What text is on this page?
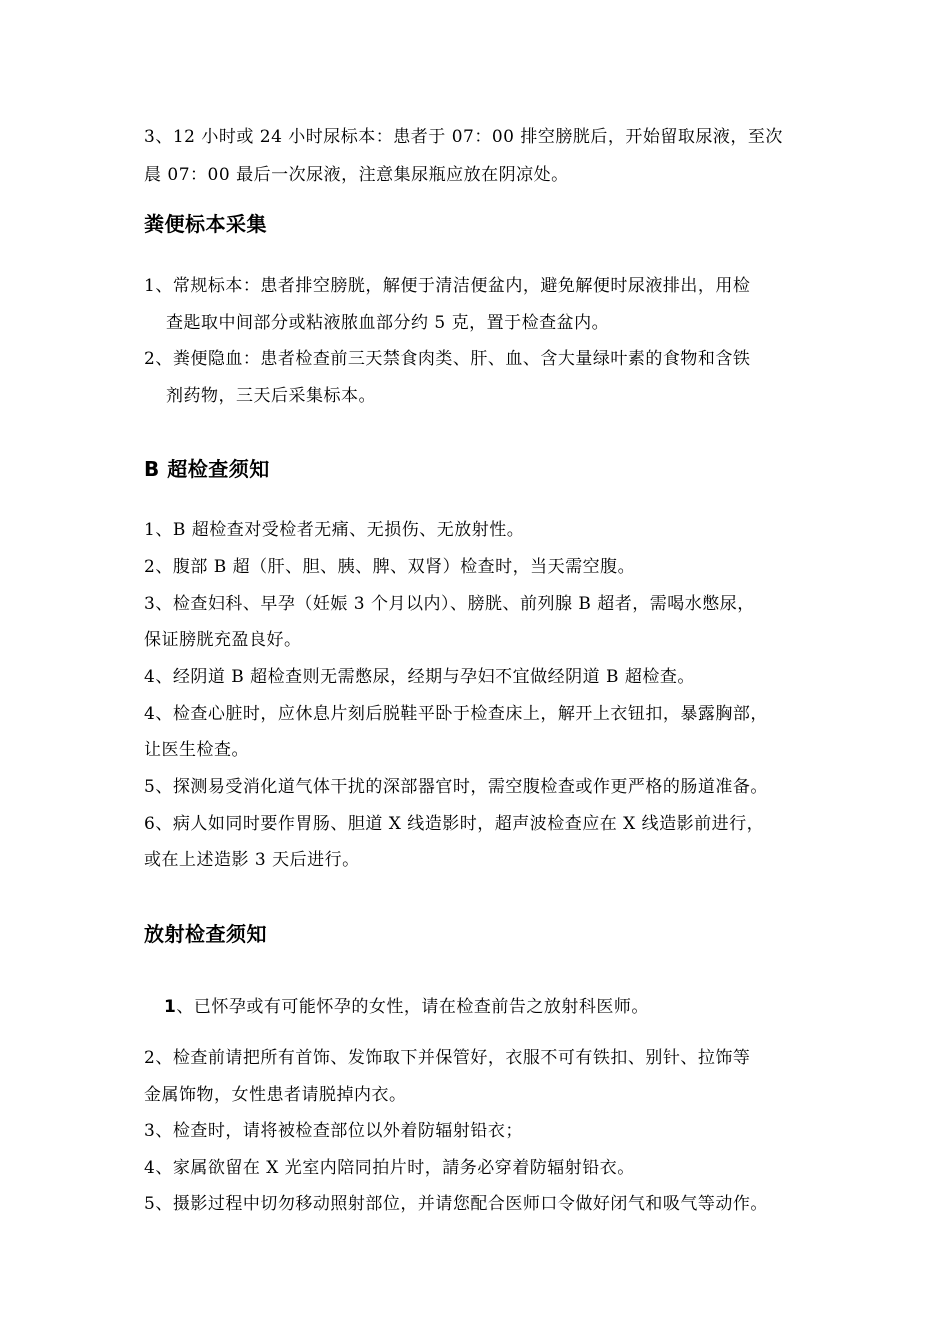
3、12 小时或 24 小时尿标本：患者于 07：00 排空膀胱后，开始留取尿液，至次
晨 07：00 最后一次尿液，注意集尿瓶应放在阴凉处。
粪便标本采集
1、常规标本：患者排空膀胱，解便于清洁便盆内，避免解便时尿液排出，用检
查匙取中间部分或粘液脓血部分约 5 克，置于检查盆内。
2、粪便隐血：患者检查前三天禁食肉类、肝、血、含大量绿叶素的食物和含铁
剂药物，三天后采集标本。
B 超检查须知
1、B 超检查对受检者无痛、无损伤、无放射性。
2、腹部 B 超（肝、胆、胰、脾、双肾）检查时，当天需空腹。
3、检查妇科、早孕（妊娠 3 个月以内）、膀胱、前列腺 B 超者，需喝水憋尿，
保证膀胱充盈良好。
4、经阴道 B 超检查则无需憋尿，经期与孕妇不宜做经阴道 B 超检查。
4、检查心脏时，应休息片刻后脱鞋平卧于检查床上，解开上衣钮扣，暴露胸部，
让医生检查。
5、探测易受消化道气体干扰的深部器官时，需空腹检查或作更严格的肠道准备。
6、病人如同时要作胃肠、胆道 X 线造影时，超声波检查应在 X 线造影前进行，
或在上述造影 3 天后进行。
放射检查须知
1、已怀孕或有可能怀孕的女性，请在检查前告之放射科医师。
2、检查前请把所有首饰、发饰取下并保管好，衣服不可有铁扣、别针、拉饰等
金属饰物，女性患者请脱掉内衣。
3、检查时，请将被检查部位以外着防辐射铅衣；
4、家属欲留在 X 光室内陪同拍片时，請务必穿着防辐射铅衣。
5、摄影过程中切勿移动照射部位，并请您配合医师口令做好闭气和吸气等动作。
